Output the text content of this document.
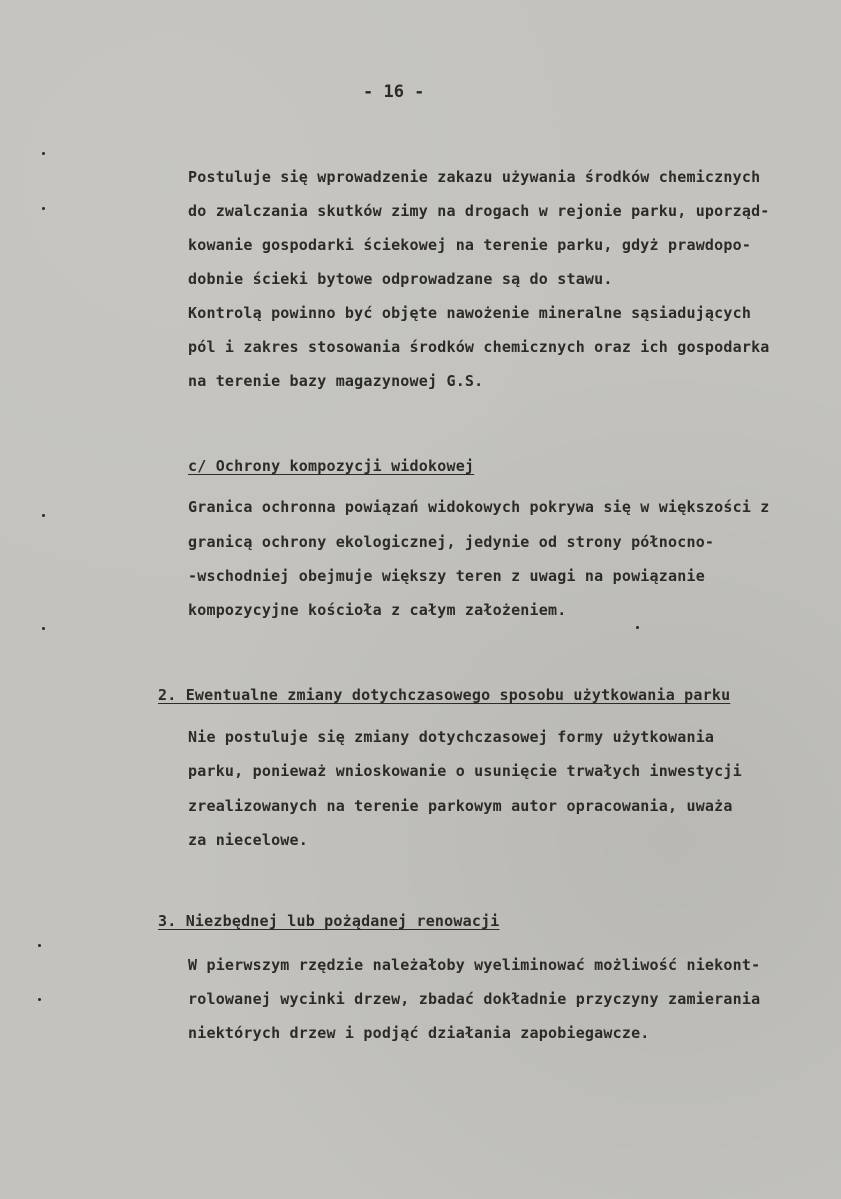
- 16 -
Postuluje się wprowadzenie zakazu używania środków chemicznych
do zwalczania skutków zimy na drogach w rejonie parku, uporząd-
kowanie gospodarki ściekowej na terenie parku, gdyż prawdopo-
dobnie ścieki bytowe odprowadzane są do stawu.
Kontrolą powinno być objęte nawożenie mineralne sąsiadujących
pól i zakres stosowania środków chemicznych oraz ich gospodarka
na terenie bazy magazynowej G.S.
c/ Ochrony kompozycji widokowej
Granica ochronna powiązań widokowych pokrywa się w większości z
granicą ochrony ekologicznej, jedynie od strony północno-
-wschodniej obejmuje większy teren z uwagi na powiązanie
kompozycyjne kościoła z całym założeniem.
2. Ewentualne zmiany dotychczasowego sposobu użytkowania parku
Nie postuluje się zmiany dotychczasowej formy użytkowania
parku, ponieważ wnioskowanie o usunięcie trwałych inwestycji
zrealizowanych na terenie parkowym autor opracowania, uważa
za niecelowe.
3. Niezbędnej lub pożądanej renowacji
W pierwszym rzędzie należałoby wyeliminować możliwość niekont-
rolowanej wycinki drzew, zbadać dokładnie przyczyny zamierania
niektórych drzew i podjąć działania zapobiegawcze.
